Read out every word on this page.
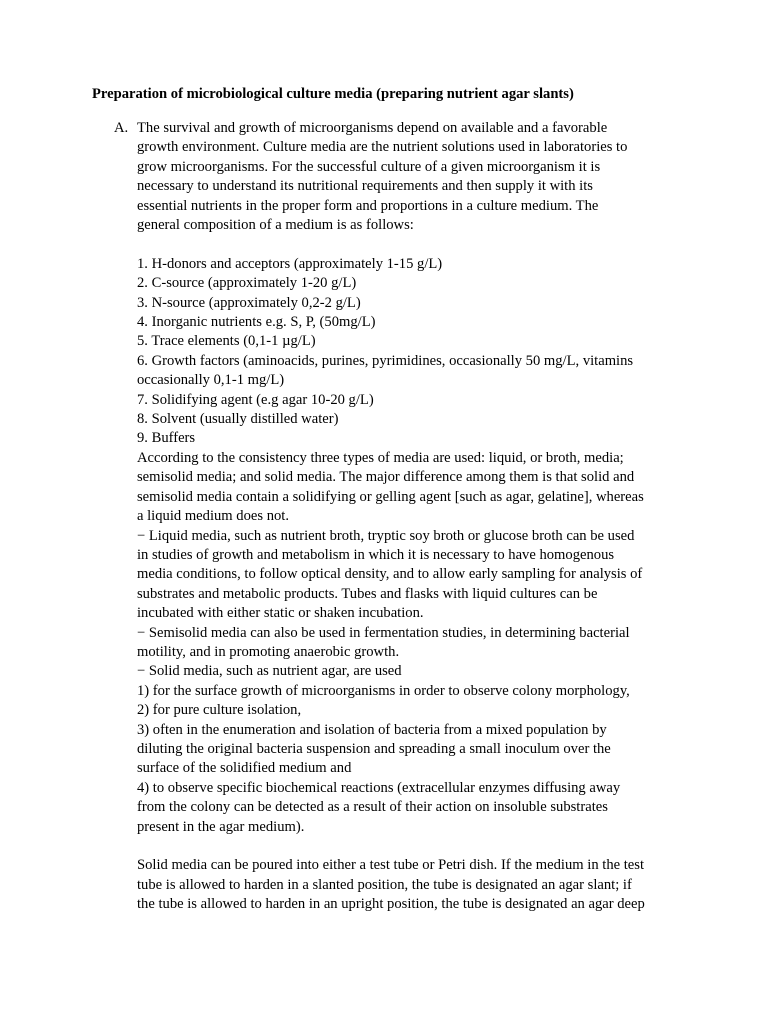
Preparation of microbiological culture media (preparing nutrient agar slants)
A. The survival and growth of microorganisms depend on available and a favorable

growth environment. Culture media are the nutrient solutions used in laboratories to

grow microorganisms. For the successful culture of a given microorganism it is

necessary to understand its nutritional requirements and then supply it with its

essential nutrients in the proper form and proportions in a culture medium. The

general composition of a medium is as follows:

1. H-donors and acceptors (approximately 1-15 g/L)

2. C-source (approximately 1-20 g/L)

3. N-source (approximately 0,2-2 g/L)

4. Inorganic nutrients e.g. S, P, (50mg/L)

5. Trace elements (0,1-1 µg/L)

6. Growth factors (aminoacids, purines, pyrimidines, occasionally 50 mg/L, vitamins

occasionally 0,1-1 mg/L)

7. Solidifying agent (e.g agar 10-20 g/L)

8. Solvent (usually distilled water)

9. Buffers

According to the consistency three types of media are used: liquid, or broth, media;

semisolid media; and solid media. The major difference among them is that solid and

semisolid media contain a solidifying or gelling agent [such as agar, gelatine], whereas

a liquid medium does not.

− Liquid media, such as nutrient broth, tryptic soy broth or glucose broth can be used

in studies of growth and metabolism in which it is necessary to have homogenous

media conditions, to follow optical density, and to allow early sampling for analysis of

substrates and metabolic products. Tubes and flasks with liquid cultures can be

incubated with either static or shaken incubation.

− Semisolid media can also be used in fermentation studies, in determining bacterial

motility, and in promoting anaerobic growth.

− Solid media, such as nutrient agar, are used

1) for the surface growth of microorganisms in order to observe colony morphology,

2) for pure culture isolation,

3) often in the enumeration and isolation of bacteria from a mixed population by

diluting the original bacteria suspension and spreading a small inoculum over the

surface of the solidified medium and

4) to observe specific biochemical reactions (extracellular enzymes diffusing away

from the colony can be detected as a result of their action on insoluble substrates

present in the agar medium).

Solid media can be poured into either a test tube or Petri dish. If the medium in the test

tube is allowed to harden in a slanted position, the tube is designated an agar slant; if

the tube is allowed to harden in an upright position, the tube is designated an agar deep
